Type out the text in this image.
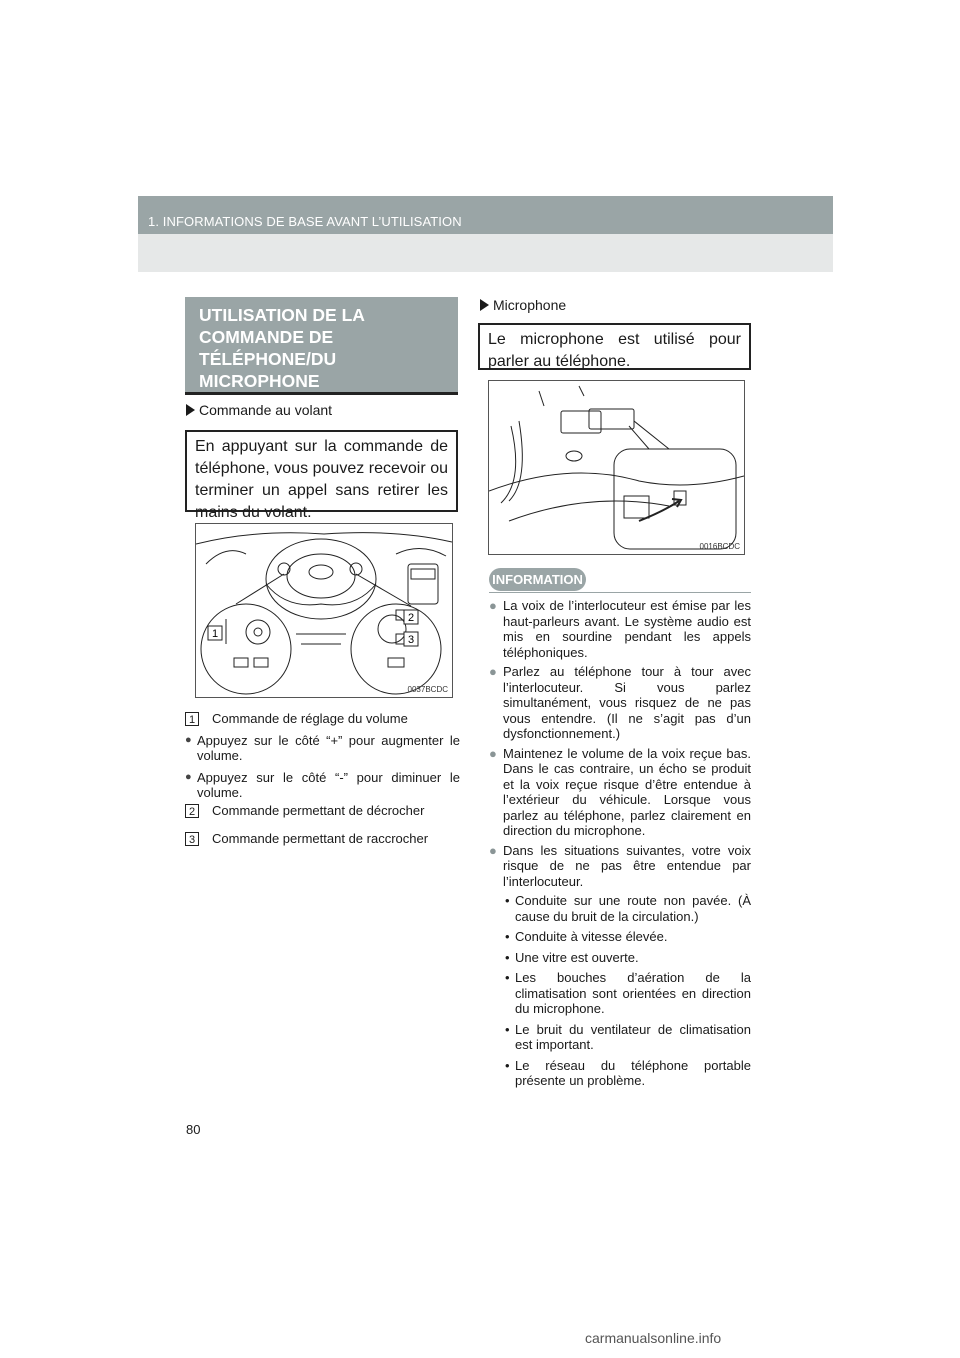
1. INFORMATIONS DE BASE AVANT L’UTILISATION
UTILISATION DE LA COMMANDE DE TÉLÉPHONE/DU MICROPHONE
Commande au volant
En appuyant sur la commande de téléphone, vous pouvez recevoir ou terminer un appel sans retirer les mains du volant.
1
2
3
0037BCDC
1	Commande de réglage du volume
● Appuyez sur le côté “+” pour augmenter le volume.
● Appuyez sur le côté “-” pour diminuer le volume.
2	Commande permettant de décrocher
3	Commande permettant de raccrocher
Microphone
Le microphone est utilisé pour parler au téléphone.
0016BCDC
INFORMATION
● La voix de l’interlocuteur est émise par les haut-parleurs avant. Le système audio est mis en sourdine pendant les appels téléphoniques.
● Parlez au téléphone tour à tour avec l’interlocuteur. Si vous parlez simultanément, vous risquez de ne pas vous entendre. (Il ne s’agit pas d’un dysfonctionnement.)
● Maintenez le volume de la voix reçue bas. Dans le cas contraire, un écho se produit et la voix reçue risque d’être entendue à l’extérieur du véhicule. Lorsque vous parlez au téléphone, parlez clairement en direction du microphone.
● Dans les situations suivantes, votre voix risque de ne pas être entendue par l’interlocuteur.
• Conduite sur une route non pavée. (À cause du bruit de la circulation.)
• Conduite à vitesse élevée.
• Une vitre est ouverte.
• Les bouches d’aération de la climatisation sont orientées en direction du microphone.
• Le bruit du ventilateur de climatisation est important.
• Le réseau du téléphone portable présente un problème.
80
carmanualsonline.info
